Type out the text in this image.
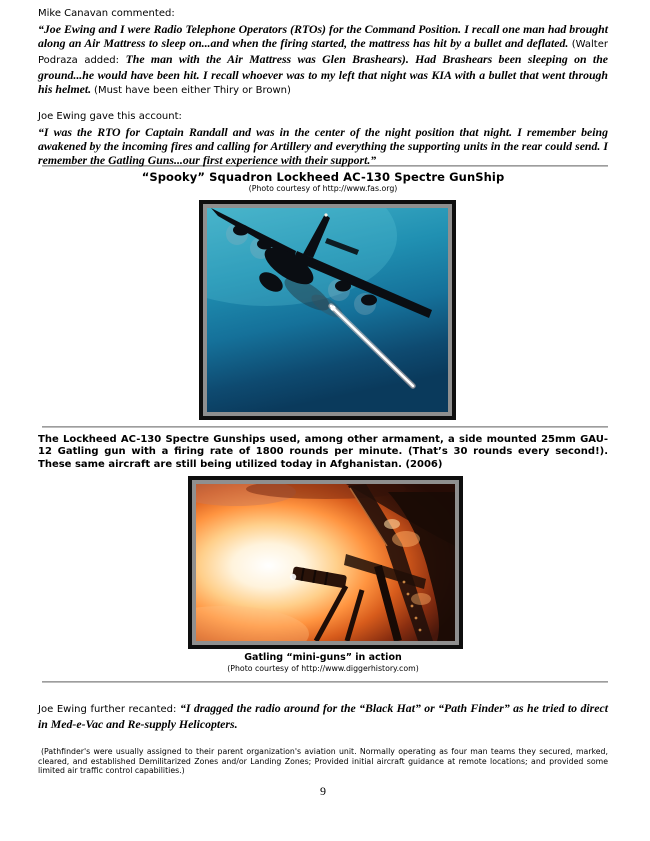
Mike Canavan commented:

“Joe Ewing and I were Radio Telephone Operators (RTOs) for the Command Position. I recall one man had brought along an Air Mattress to sleep on...and when the firing started, the mattress has hit by a bullet and deflated. (Walter Podraza added: The man with the Air Mattress was Glen Brashears). Had Brashears been sleeping on the ground...he would have been hit. I recall whoever was to my left that night was KIA with a bullet that went through his helmet. (Must have been either Thiry or Brown)

Joe Ewing gave this account:

“I was the RTO for Captain Randall and was in the center of the night position that night. I remember being awakened by the incoming fires and calling for Artillery and everything the supporting units in the rear could send. I remember the Gatling Guns...our first experience with their support.”

“Spooky” Squadron Lockheed AC-130 Spectre GunShip

(Photo courtesy of http://www.fas.org)

The Lockheed AC-130 Spectre Gunships used, among other armament, a side mounted 25mm GAU-12 Gatling gun with a firing rate of 1800 rounds per minute. (That’s 30 rounds every second!). These same aircraft are still being utilized today in Afghanistan. (2006)

Gatling “mini-guns” in action

(Photo courtesy of http://www.diggerhistory.com)

Joe Ewing further recanted: “I dragged the radio around for the “Black Hat” or “Path Finder” as he tried to direct in Med-e-Vac and Re-supply Helicopters.

(Pathfinder's were usually assigned to their parent organization's aviation unit. Normally operating as four man teams they secured, marked, cleared, and established Demilitarized Zones and/or Landing Zones; Provided initial aircraft guidance at remote locations; and provided some limited air traffic control capabilities.)

9
